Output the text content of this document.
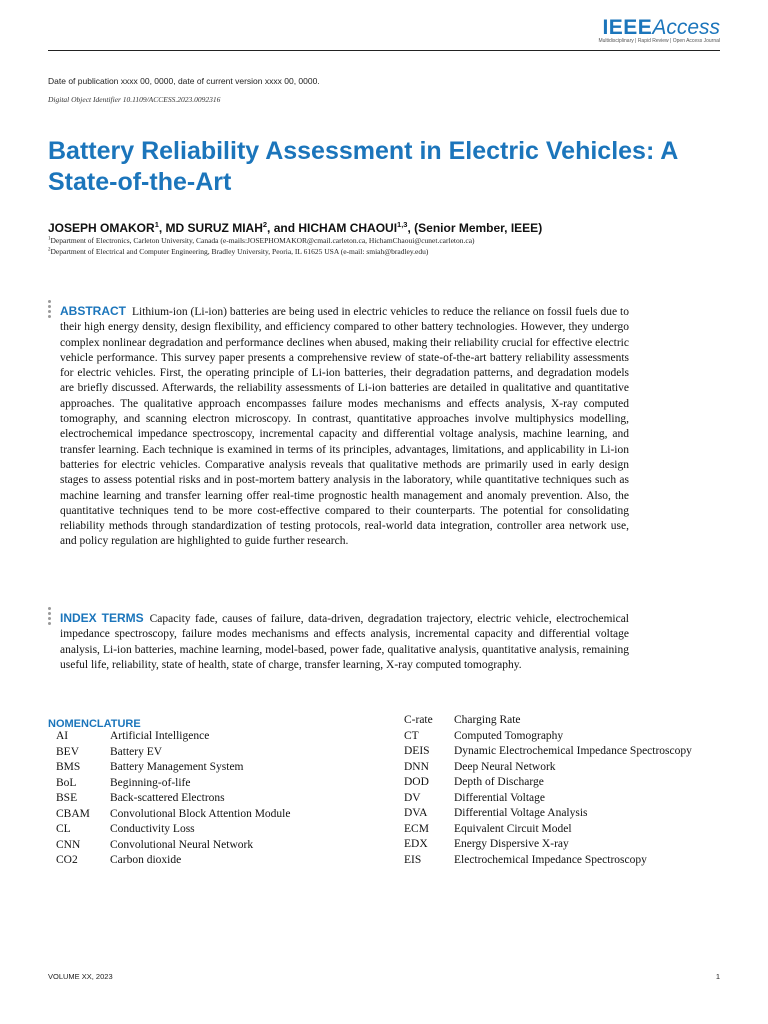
IEEEAccess
Multidisciplinary | Rapid Review | Open Access Journal
Date of publication xxxx 00, 0000, date of current version xxxx 00, 0000.
Digital Object Identifier 10.1109/ACCESS.2023.0092316
Battery Reliability Assessment in Electric Vehicles: A State-of-the-Art
JOSEPH OMAKOR$^1$, MD SURUZ MIAH$^2$, and HICHAM CHAOUI$^{1,3}$, (Senior Member, IEEE)
$^1$Department of Electronics, Carleton University, Canada (e-mails:JOSEPHOMAKOR@cmail.carleton.ca, HichamChaoui@cunet.carleton.ca)
$^2$Department of Electrical and Computer Engineering, Bradley University, Peoria, IL 61625 USA (e-mail: smiah@bradley.edu)
ABSTRACT Lithium-ion (Li-ion) batteries are being used in electric vehicles to reduce the reliance on fossil fuels due to their high energy density, design flexibility, and efficiency compared to other battery technologies. However, they undergo complex nonlinear degradation and performance declines when abused, making their reliability crucial for effective electric vehicle performance. This survey paper presents a comprehensive review of state-of-the-art battery reliability assessments for electric vehicles. First, the operating principle of Li-ion batteries, their degradation patterns, and degradation models are briefly discussed. Afterwards, the reliability assessments of Li-ion batteries are detailed in qualitative and quantitative approaches. The qualitative approach encompasses failure modes mechanisms and effects analysis, X-ray computed tomography, and scanning electron microscopy. In contrast, quantitative approaches involve multiphysics modelling, electrochemical impedance spectroscopy, incremental capacity and differential voltage analysis, machine learning, and transfer learning. Each technique is examined in terms of its principles, advantages, limitations, and applicability in Li-ion batteries for electric vehicles. Comparative analysis reveals that qualitative methods are primarily used in early design stages to assess potential risks and in post-mortem battery analysis in the laboratory, while quantitative techniques such as machine learning and transfer learning offer real-time prognostic health management and anomaly prevention. Also, the quantitative techniques tend to be more cost-effective compared to their counterparts. The potential for consolidating reliability methods through standardization of testing protocols, real-world data integration, controller area network use, and policy regulation are highlighted to guide further research.
INDEX TERMS Capacity fade, causes of failure, data-driven, degradation trajectory, electric vehicle, electrochemical impedance spectroscopy, failure modes mechanisms and effects analysis, incremental capacity and differential voltage analysis, Li-ion batteries, machine learning, model-based, power fade, qualitative analysis, quantitative analysis, remaining useful life, reliability, state of health, state of charge, transfer learning, X-ray computed tomography.
NOMENCLATURE
AI	Artificial Intelligence
BEV	Battery EV
BMS	Battery Management System
BoL	Beginning-of-life
BSE	Back-scattered Electrons
CBAM	Convolutional Block Attention Module
CL	Conductivity Loss
CNN	Convolutional Neural Network
CO2	Carbon dioxide
C-rate	Charging Rate
CT	Computed Tomography
DEIS	Dynamic Electrochemical Impedance Spectroscopy
DNN	Deep Neural Network
DOD	Depth of Discharge
DV	Differential Voltage
DVA	Differential Voltage Analysis
ECM	Equivalent Circuit Model
EDX	Energy Dispersive X-ray
EIS	Electrochemical Impedance Spectroscopy
VOLUME XX, 2023	1
